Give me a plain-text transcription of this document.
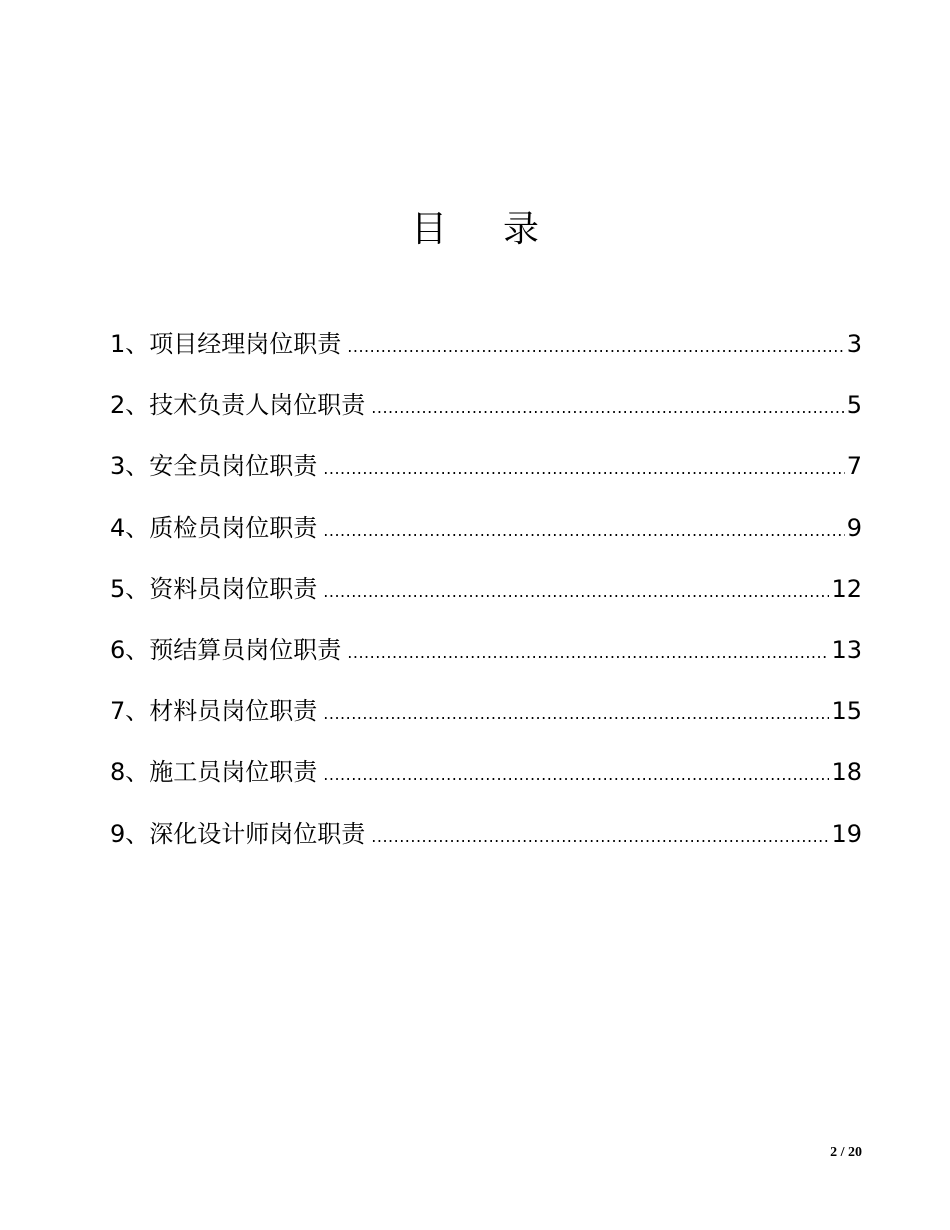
目 录
1、项目经理岗位职责 .....	3
2、技术负责人岗位职责 .....	5
3、安全员岗位职责 .....	7
4、质检员岗位职责 .....	9
5、资料员岗位职责 .....	12
6、预结算员岗位职责 .....	13
7、材料员岗位职责 .....	15
8、施工员岗位职责 .....	18
9、深化设计师岗位职责 .....	19
2 / 20
